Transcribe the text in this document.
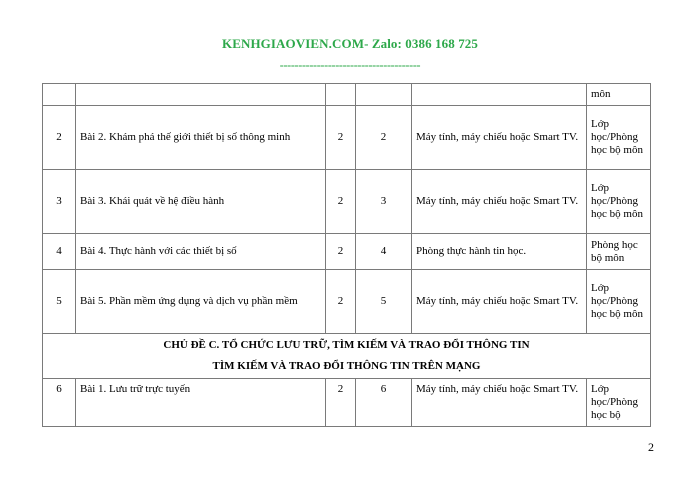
KENHGIAOVIEN.COM- Zalo: 0386 168 725
--------------------------------------
					môn
2	Bài 2. Khám phá thế giới thiết bị số thông minh	2	2	Máy tính, máy chiếu hoặc Smart TV.	Lớp học/Phòng học bộ môn
3	Bài 3. Khái quát về hệ điều hành	2	3	Máy tính, máy chiếu hoặc Smart TV.	Lớp học/Phòng học bộ môn
4	Bài 4. Thực hành với các thiết bị số	2	4	Phòng thực hành tin học.	Phòng học bộ môn
5	Bài 5. Phần mềm ứng dụng và dịch vụ phần mềm	2	5	Máy tính, máy chiếu hoặc Smart TV.	Lớp học/Phòng học bộ môn

CHỦ ĐỀ C. TỔ CHỨC LƯU TRỮ, TÌM KIẾM VÀ TRAO ĐỔI THÔNG TIN
TÌM KIẾM VÀ TRAO ĐỔI THÔNG TIN TRÊN MẠNG					

6	Bài 1. Lưu trữ trực tuyến	2	6	Máy tính, máy chiếu hoặc Smart TV.	Lớp học/Phòng học bộ
2
